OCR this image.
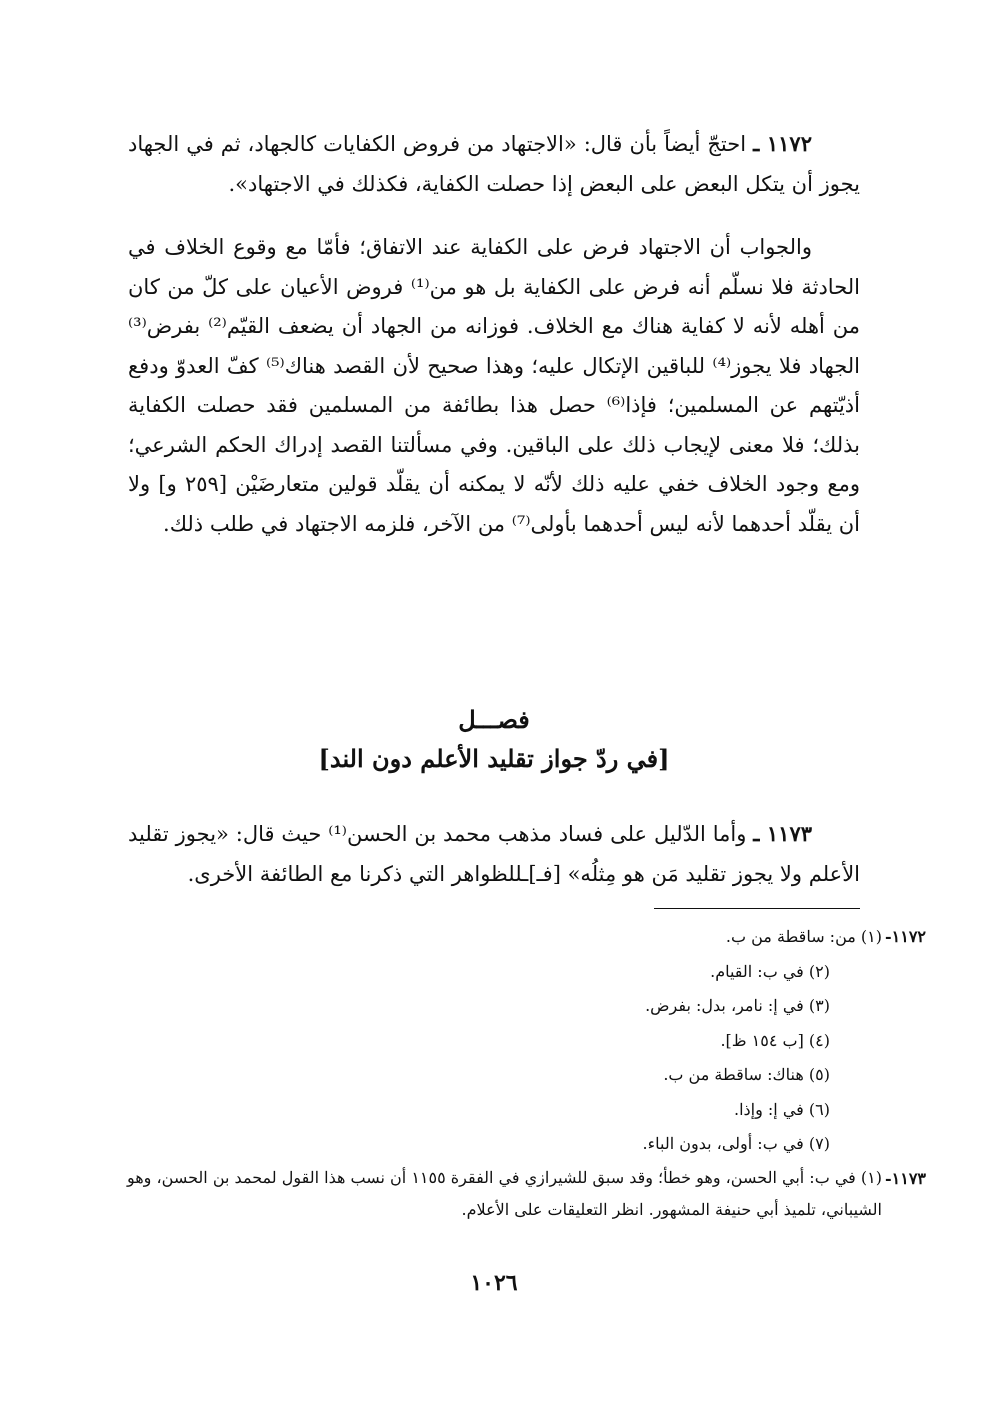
١١٧٢ ـ احتجّ أيضاً بأن قال: «الاجتهاد من فروض الكفايات كالجهاد، ثم في الجهاد يجوز أن يتكل البعض على البعض إذا حصلت الكفاية، فكذلك في الاجتهاد».

والجواب أن الاجتهاد فرض على الكفاية عند الاتفاق؛ فأمّا مع وقوع الخلاف في الحادثة فلا نسلّم أنه فرض على الكفاية بل هو من⁽¹⁾ فروض الأعيان على كلّ من كان من أهله لأنه لا كفاية هناك مع الخلاف. فوزانه من الجهاد أن يضعف القيّم⁽²⁾ بفرض⁽³⁾ الجهاد فلا يجوز⁽⁴⁾ للباقين الإتكال عليه؛ وهذا صحيح لأن القصد هناك⁽⁵⁾ كفّ العدوّ ودفع أذيّتهم عن المسلمين؛ فإذا⁽⁶⁾ حصل هذا بطائفة من المسلمين فقد حصلت الكفاية بذلك؛ فلا معنى لإيجاب ذلك على الباقين. وفي مسألتنا القصد إدراك الحكم الشرعي؛ ومع وجود الخلاف خفي عليه ذلك لأنّه لا يمكنه أن يقلّد قولين متعارضَيْن [٢٥٩ و] ولا أن يقلّد أحدهما لأنه ليس أحدهما بأولى⁽⁷⁾ من الآخر، فلزمه الاجتهاد في طلب ذلك.

فصـــل
[في ردّ جواز تقليد الأعلم دون الند]

١١٧٣ ـ وأما الدّليل على فساد مذهب محمد بن الحسن⁽¹⁾ حيث قال: «يجوز تقليد الأعلم ولا يجوز تقليد مَن هو مِثلُه» [فـ]ـللظواهر التي ذكرنا مع الطائفة الأخرى.

١١٧٢-
(١) من: ساقطة من ب.
(٢) في ب: القيام.
(٣) في إ: نامر، بدل: بفرض.
(٤) [ب ١٥٤ ظ].
(٥) هناك: ساقطة من ب.
(٦) في إ: وإذا.
(٧) في ب: أولى، بدون الباء.
١١٧٣-
(١) في ب: أبي الحسن، وهو خطأ؛ وقد سبق للشيرازي في الفقرة ١١٥٥ أن نسب هذا القول لمحمد بن الحسن، وهو الشيباني، تلميذ أبي حنيفة المشهور. انظر التعليقات على الأعلام.
١٠٢٦
